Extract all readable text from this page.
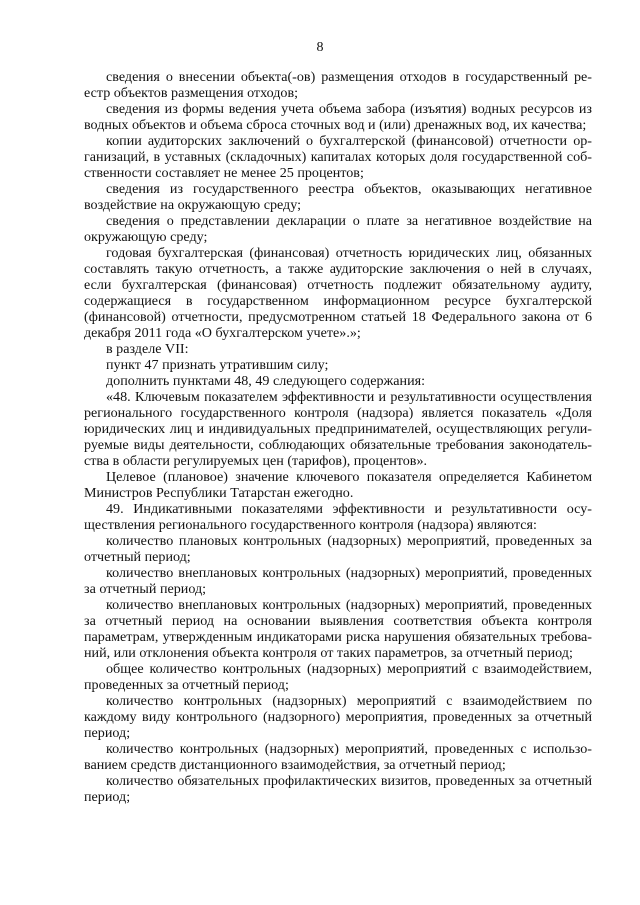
8

сведения о внесении объекта(-ов) размещения отходов в государственный реестр объектов размещения отходов;

сведения из формы ведения учета объема забора (изъятия) водных ресурсов из водных объектов и объема сброса сточных вод и (или) дренажных вод, их качества;

копии аудиторских заключений о бухгалтерской (финансовой) отчетности организаций, в уставных (складочных) капиталах которых доля государственной собственности составляет не менее 25 процентов;

сведения из государственного реестра объектов, оказывающих негативное воздействие на окружающую среду;

сведения о представлении декларации о плате за негативное воздействие на окружающую среду;

годовая бухгалтерская (финансовая) отчетность юридических лиц, обязанных составлять такую отчетность, а также аудиторские заключения о ней в случаях, если бухгалтерская (финансовая) отчетность подлежит обязательному аудиту, содержащиеся в государственном информационном ресурсе бухгалтерской (финансовой) отчетности, предусмотренном статьей 18 Федерального закона от 6 декабря 2011 года «О бухгалтерском учете».»;

в разделе VII:

пункт 47 признать утратившим силу;

дополнить пунктами 48, 49 следующего содержания:

«48. Ключевым показателем эффективности и результативности осуществления регионального государственного контроля (надзора) является показатель «Доля юридических лиц и индивидуальных предпринимателей, осуществляющих регулируемые виды деятельности, соблюдающих обязательные требования законодательства в области регулируемых цен (тарифов), процентов».

Целевое (плановое) значение ключевого показателя определяется Кабинетом Министров Республики Татарстан ежегодно.

49. Индикативными показателями эффективности и результативности осуществления регионального государственного контроля (надзора) являются:

количество плановых контрольных (надзорных) мероприятий, проведенных за отчетный период;

количество внеплановых контрольных (надзорных) мероприятий, проведенных за отчетный период;

количество внеплановых контрольных (надзорных) мероприятий, проведенных за отчетный период на основании выявления соответствия объекта контроля параметрам, утвержденным индикаторами риска нарушения обязательных требований, или отклонения объекта контроля от таких параметров, за отчетный период;

общее количество контрольных (надзорных) мероприятий с взаимодействием, проведенных за отчетный период;

количество контрольных (надзорных) мероприятий с взаимодействием по каждому виду контрольного (надзорного) мероприятия, проведенных за отчетный период;

количество контрольных (надзорных) мероприятий, проведенных с использованием средств дистанционного взаимодействия, за отчетный период;

количество обязательных профилактических визитов, проведенных за отчетный период;
